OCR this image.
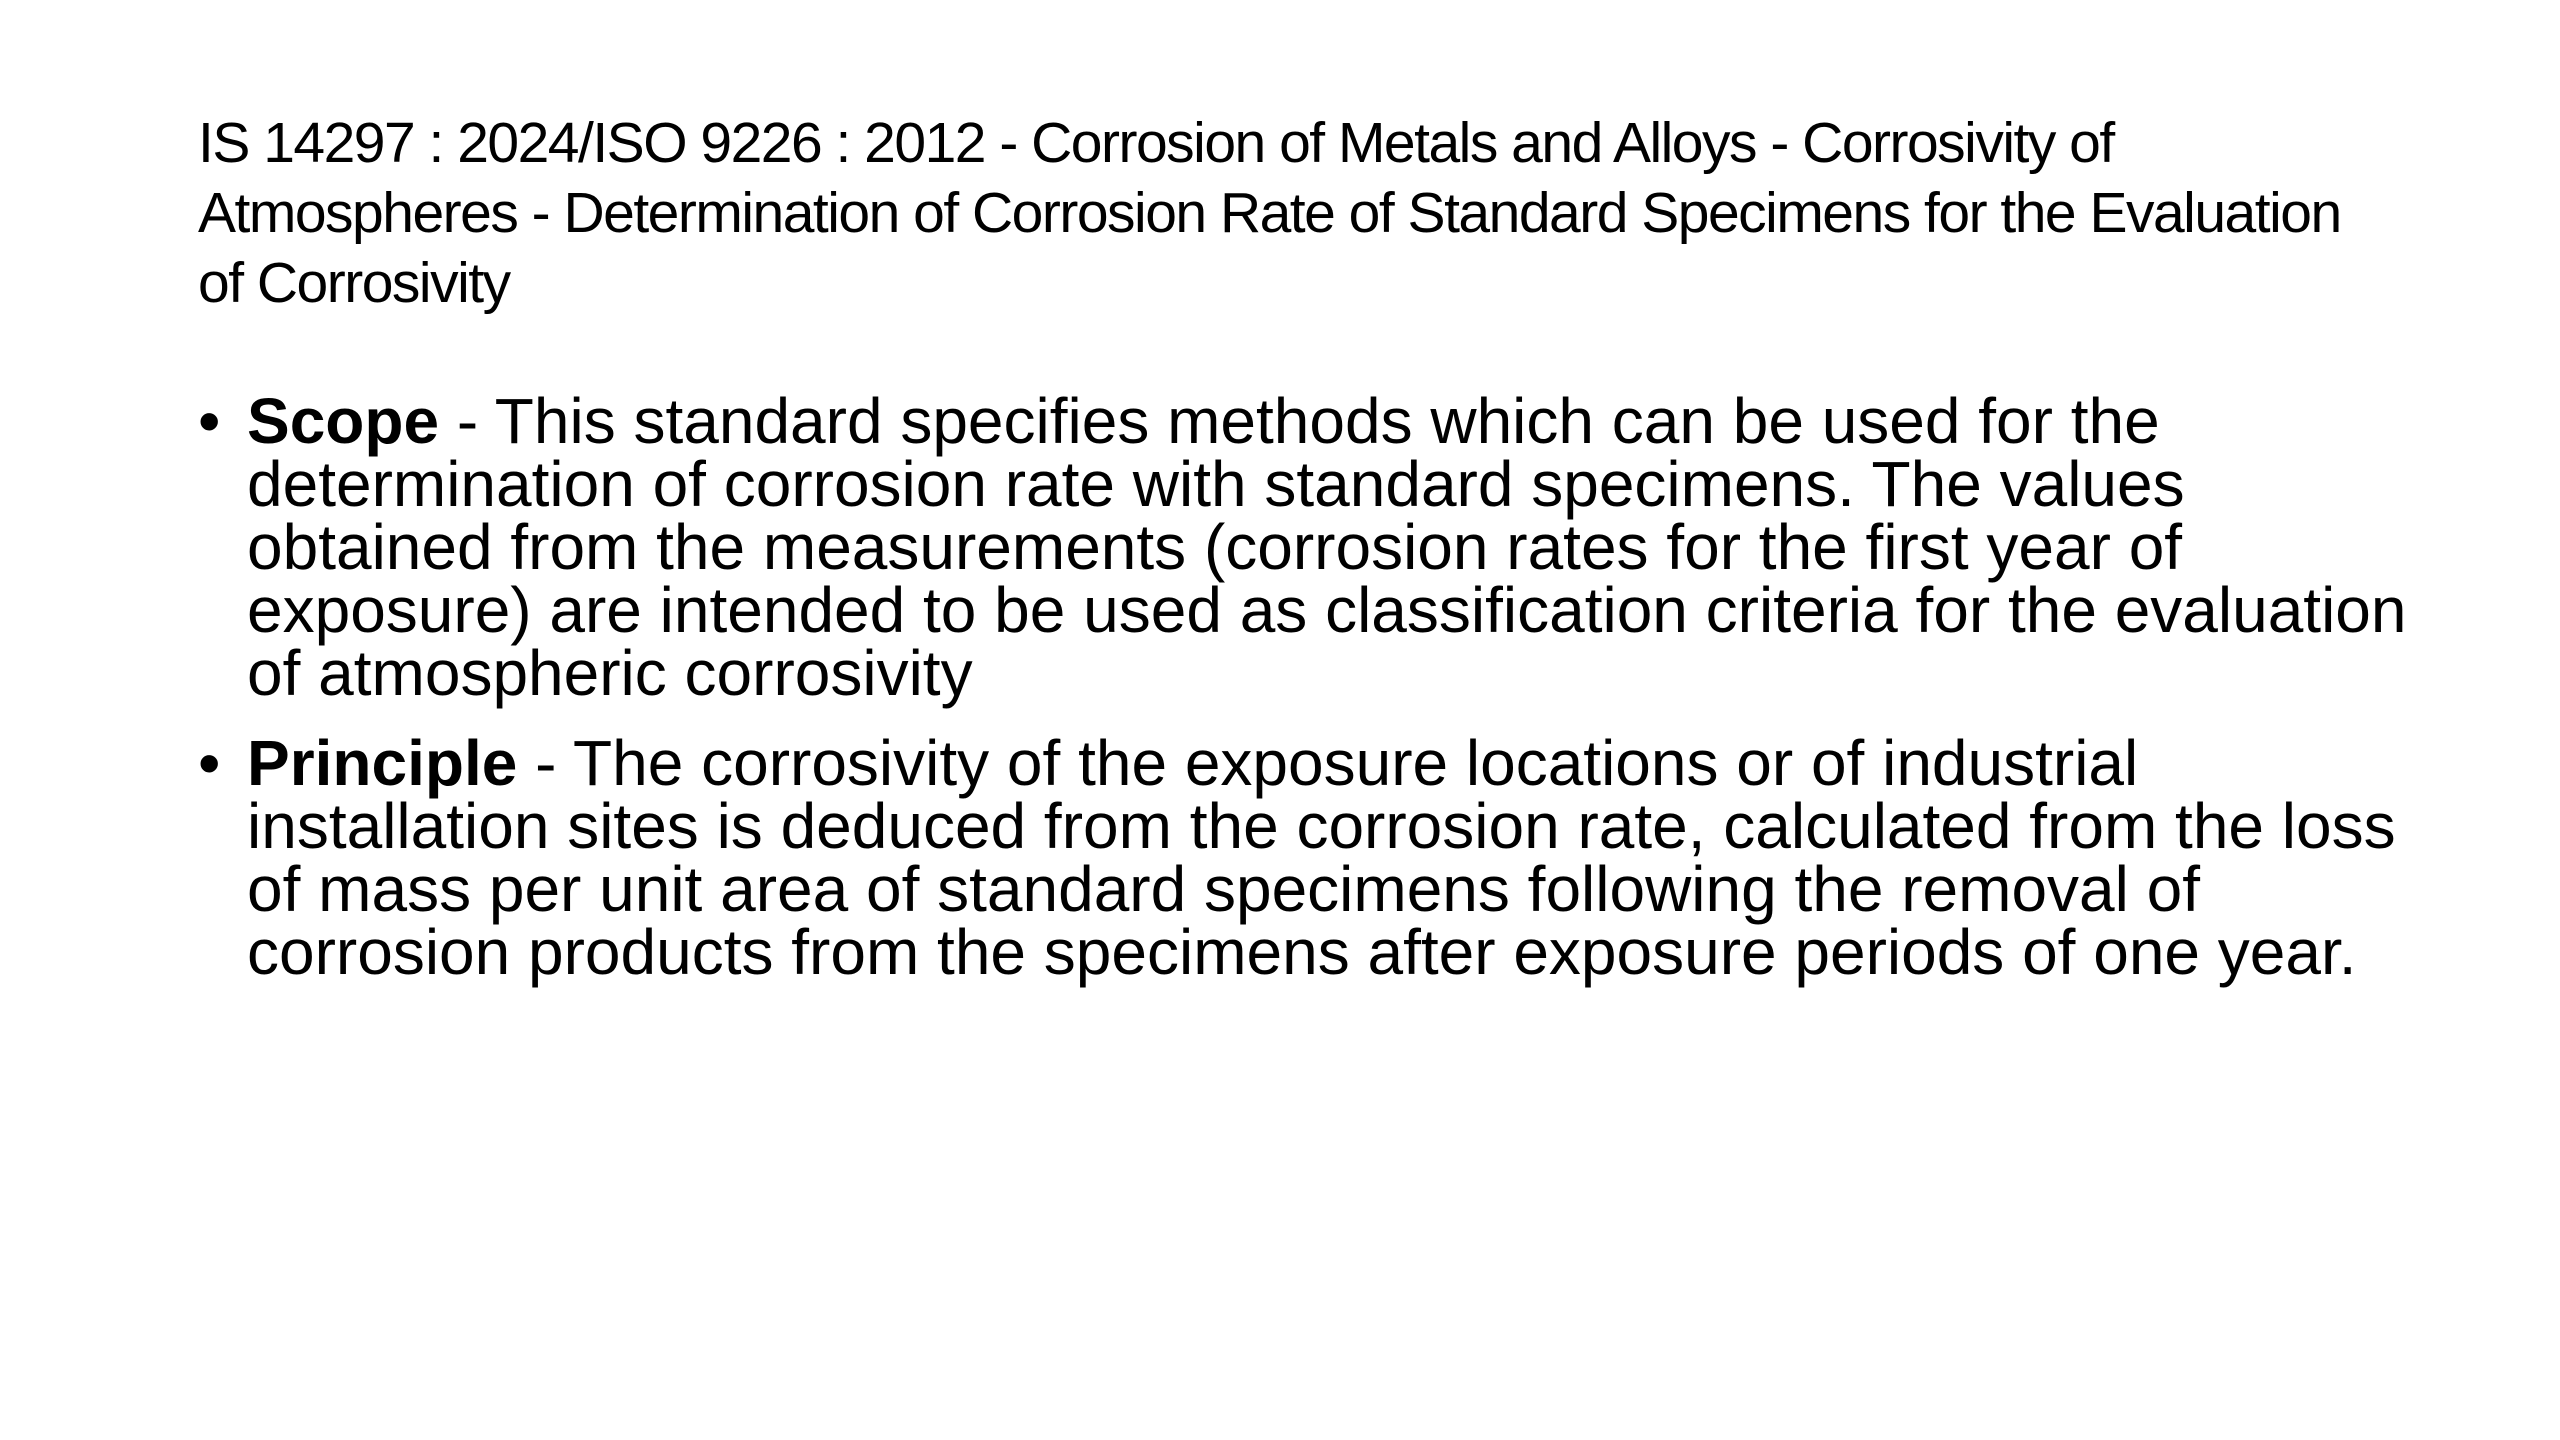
IS 14297 : 2024/ISO 9226 : 2012 - Corrosion of Metals and Alloys - Corrosivity of Atmospheres - Determination of Corrosion Rate of Standard Specimens for the Evaluation of Corrosivity
• Scope - This standard specifies methods which can be used for the determination of corrosion rate with standard specimens. The values obtained from the measurements (corrosion rates for the first year of exposure) are intended to be used as classification criteria for the evaluation of atmospheric corrosivity
• Principle - The corrosivity of the exposure locations or of industrial installation sites is deduced from the corrosion rate, calculated from the loss of mass per unit area of standard specimens following the removal of corrosion products from the specimens after exposure periods of one year.
